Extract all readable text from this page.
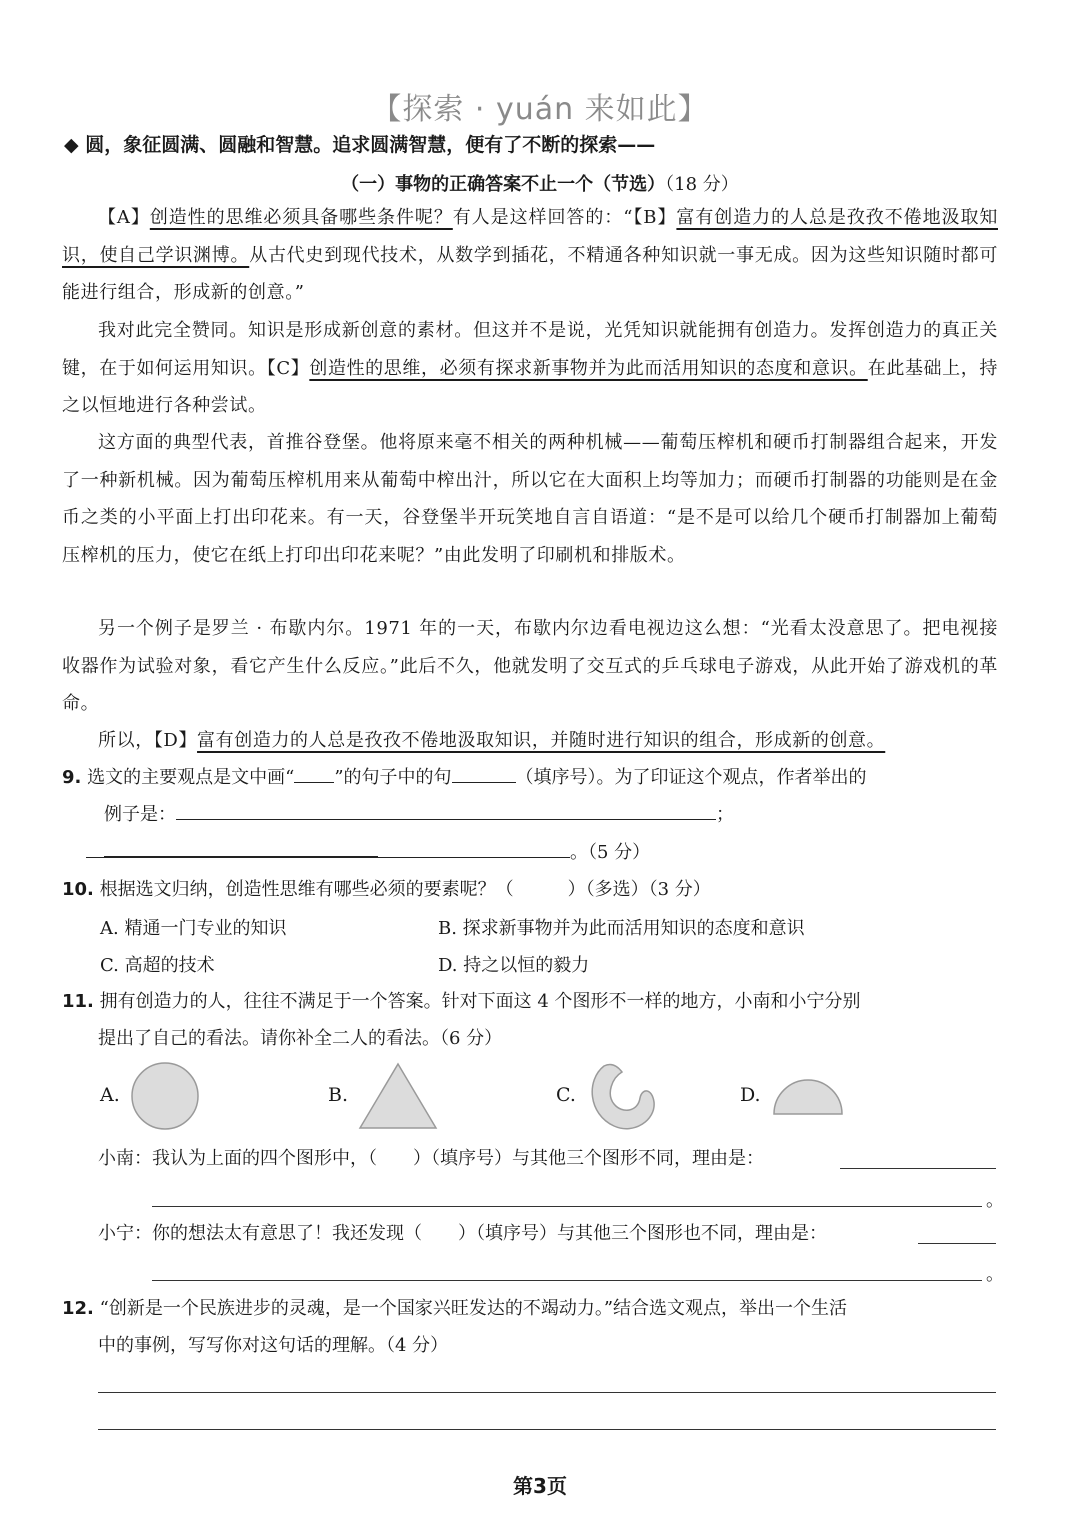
【探索 · yuán 来如此】
◆ 圆，象征圆满、圆融和智慧。追求圆满智慧，便有了不断的探索——
（一）事物的正确答案不止一个（节选）（18 分）

【A】创造性的思维必须具备哪些条件呢？有人是这样回答的：“【B】富有创造力的人总是孜孜不倦地汲取知识，使自己学识渊博。从古代史到现代技术，从数学到插花，不精通各种知识就一事无成。因为这些知识随时都可能进行组合，形成新的创意。”

我对此完全赞同。知识是形成新创意的素材。但这并不是说，光凭知识就能拥有创造力。发挥创造力的真正关键，在于如何运用知识。【C】创造性的思维，必须有探求新事物并为此而活用知识的态度和意识。在此基础上，持之以恒地进行各种尝试。

这方面的典型代表，首推谷登堡。他将原来毫不相关的两种机械——葡萄压榨机和硬币打制器组合起来，开发了一种新机械。因为葡萄压榨机用来从葡萄中榨出汁，所以它在大面积上均等加力；而硬币打制器的功能则是在金币之类的小平面上打出印花来。有一天，谷登堡半开玩笑地自言自语道：“是不是可以给几个硬币打制器加上葡萄压榨机的压力，使它在纸上打印出印花来呢？”由此发明了印刷机和排版术。

另一个例子是罗兰 · 布歇内尔。1971 年的一天，布歇内尔边看电视边这么想：“光看太没意思了。把电视接收器作为试验对象，看它产生什么反应。”此后不久，他就发明了交互式的乒乓球电子游戏，从此开始了游戏机的革命。

所以，【D】富有创造力的人总是孜孜不倦地汲取知识，并随时进行知识的组合，形成新的创意。

9. 选文的主要观点是文中画“ ”的句子中的句	（填序号）。为了印证这个观点，作者举出的
例子是：	；
。（5 分）
10. 根据选文归纳，创造性思维有哪些必须的要素呢？（　　　）（多选）（3 分）
A. 精通一门专业的知识	B. 探求新事物并为此而活用知识的态度和意识
C. 高超的技术	D. 持之以恒的毅力
11. 拥有创造力的人，往往不满足于一个答案。针对下面这 4 个图形不一样的地方，小南和小宁分别
提出了自己的看法。请你补全二人的看法。（6 分）
A.	B.	C.	D.
小南：我认为上面的四个图形中，（　　）（填序号）与其他三个图形不同，理由是：
。
小宁：你的想法太有意思了！我还发现（　　）（填序号）与其他三个图形也不同，理由是：
。
12. “创新是一个民族进步的灵魂，是一个国家兴旺发达的不竭动力。”结合选文观点，举出一个生活
中的事例，写写你对这句话的理解。（4 分）
第3页
